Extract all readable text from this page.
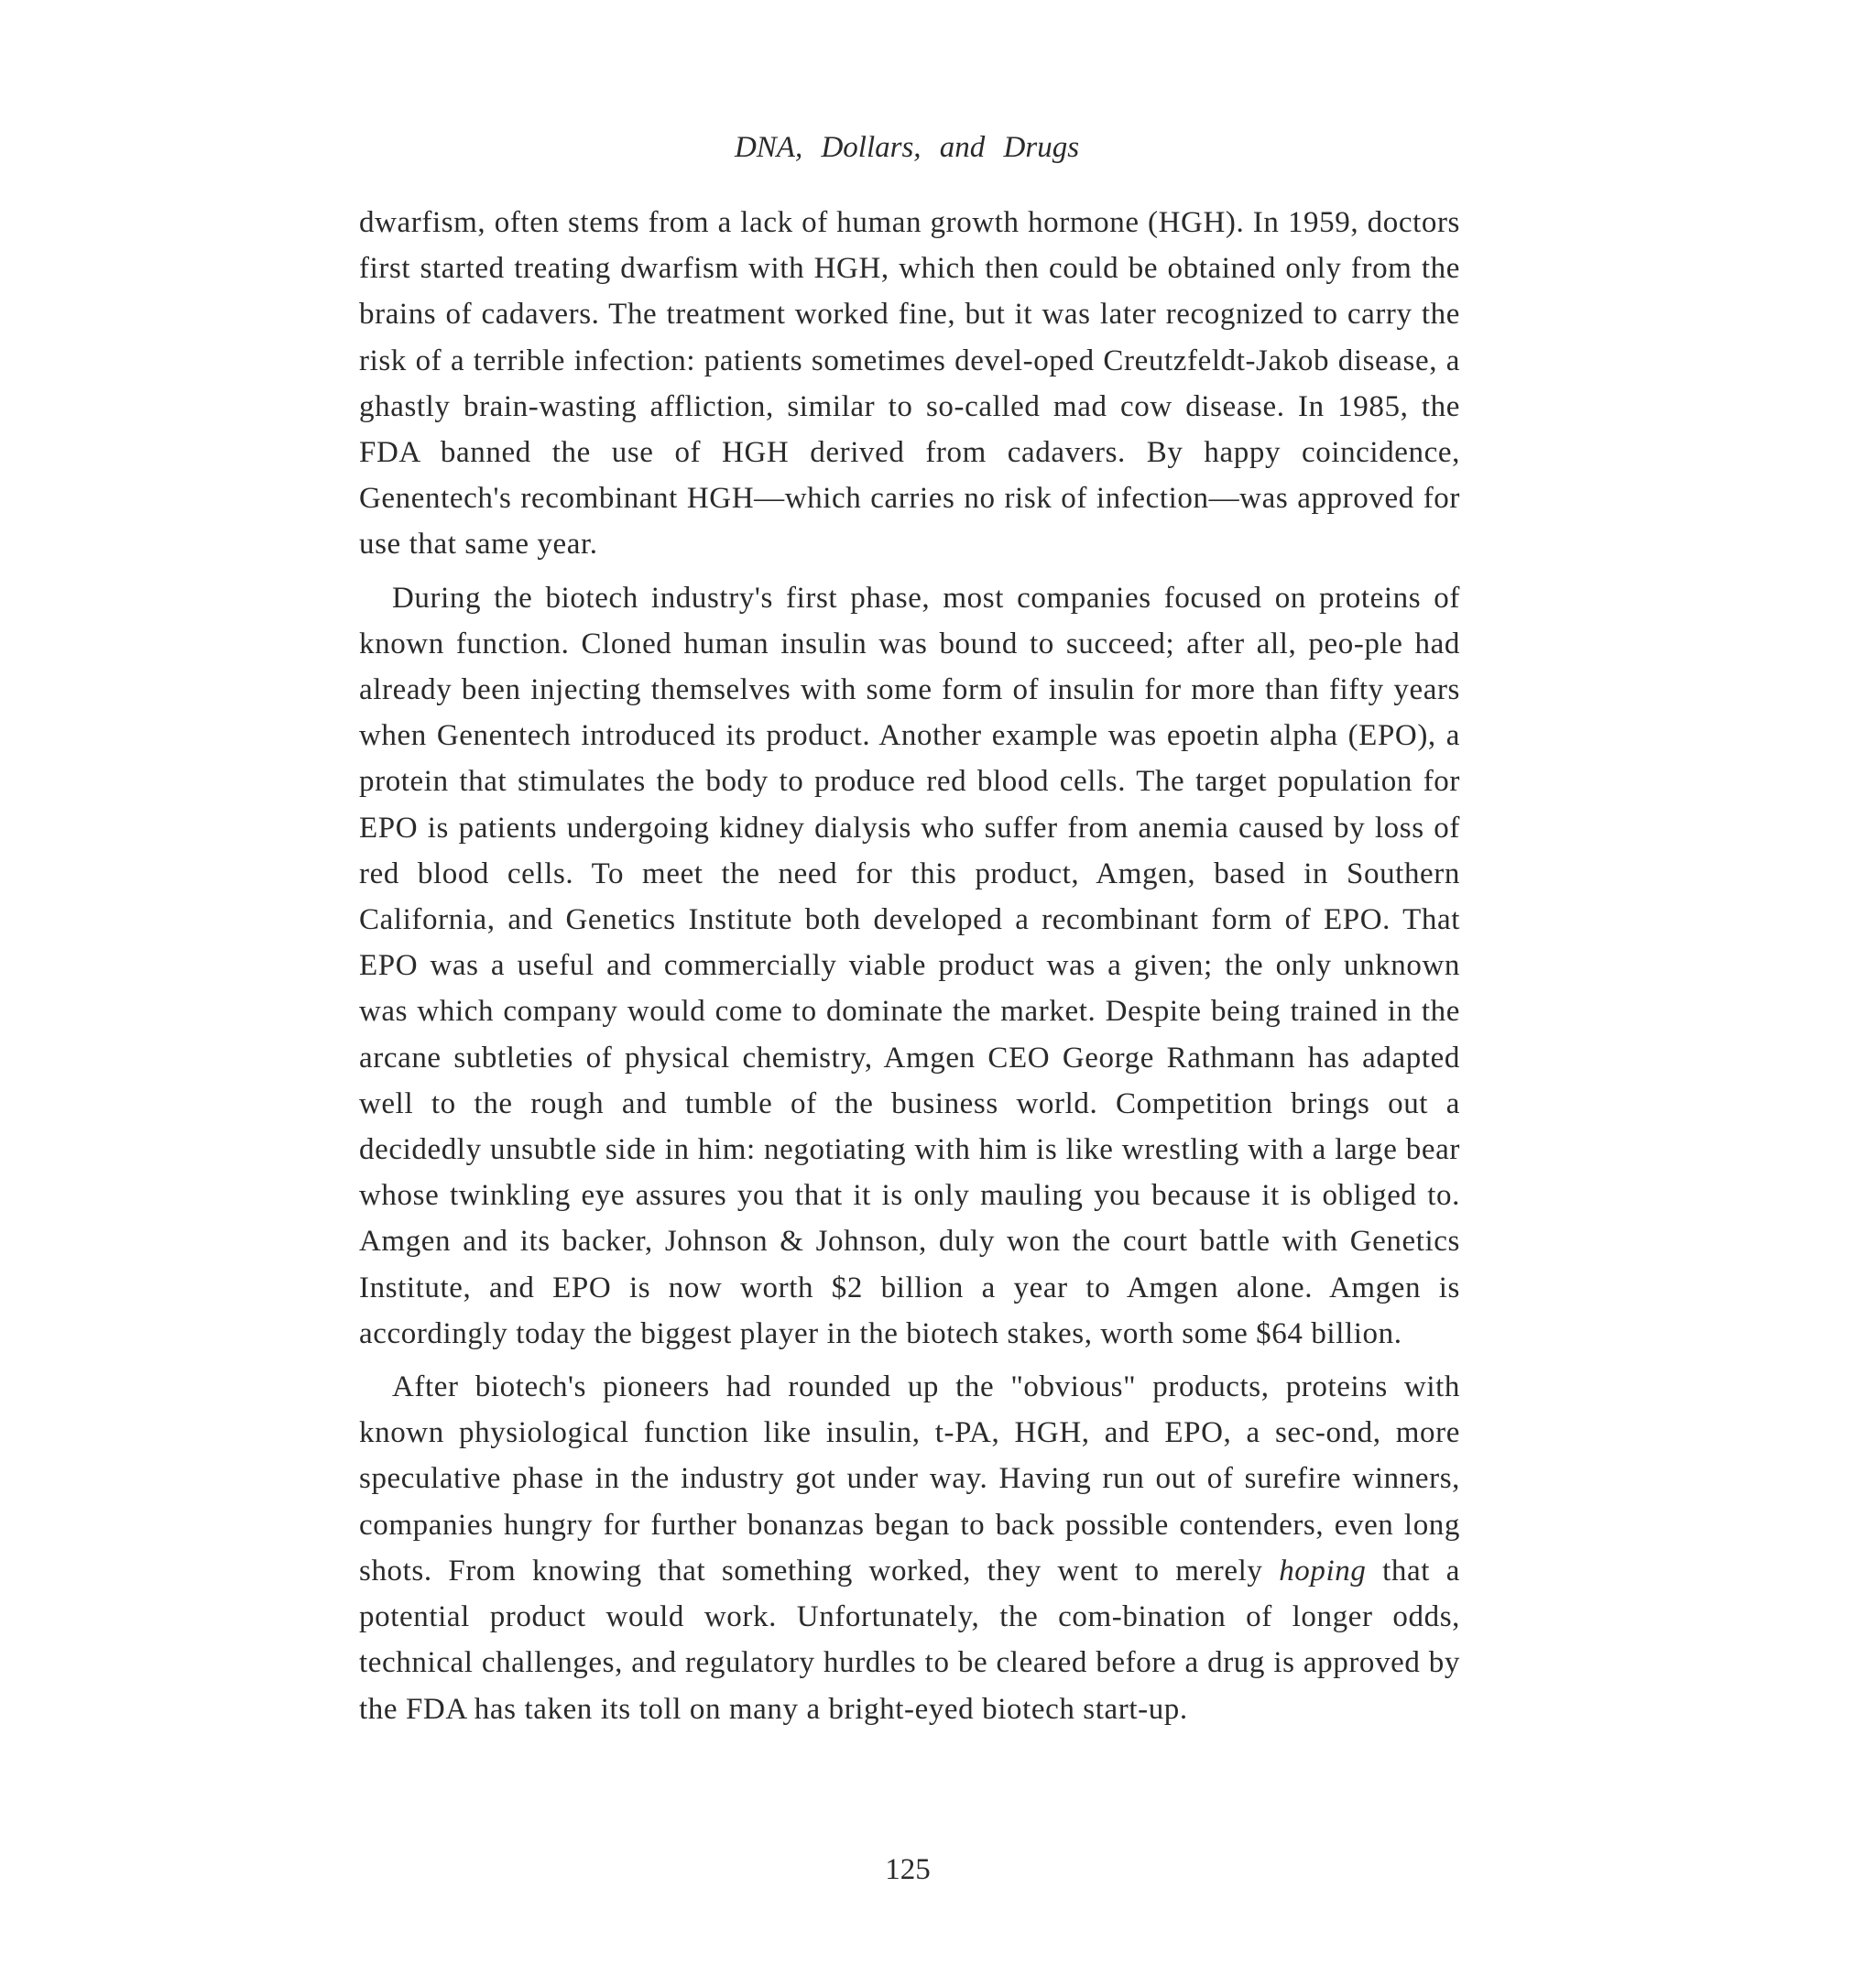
DNA, Dollars, and Drugs

dwarfism, often stems from a lack of human growth hormone (HGH). In 1959, doctors first started treating dwarfism with HGH, which then could be obtained only from the brains of cadavers. The treatment worked fine, but it was later recognized to carry the risk of a terrible infection: patients sometimes devel-oped Creutzfeldt-Jakob disease, a ghastly brain-wasting affliction, similar to so-called mad cow disease. In 1985, the FDA banned the use of HGH derived from cadavers. By happy coincidence, Genentech's recombinant HGH—which carries no risk of infection—was approved for use that same year.

During the biotech industry's first phase, most companies focused on proteins of known function. Cloned human insulin was bound to succeed; after all, peo-ple had already been injecting themselves with some form of insulin for more than fifty years when Genentech introduced its product. Another example was epoetin alpha (EPO), a protein that stimulates the body to produce red blood cells. The target population for EPO is patients undergoing kidney dialysis who suffer from anemia caused by loss of red blood cells. To meet the need for this product, Amgen, based in Southern California, and Genetics Institute both developed a recombinant form of EPO. That EPO was a useful and commercially viable product was a given; the only unknown was which company would come to dominate the market. Despite being trained in the arcane subtleties of physical chemistry, Amgen CEO George Rathmann has adapted well to the rough and tumble of the business world. Competition brings out a decidedly unsubtle side in him: negotiating with him is like wrestling with a large bear whose twinkling eye assures you that it is only mauling you because it is obliged to. Amgen and its backer, Johnson & Johnson, duly won the court battle with Genetics Institute, and EPO is now worth $2 billion a year to Amgen alone. Amgen is accordingly today the biggest player in the biotech stakes, worth some $64 billion.

After biotech's pioneers had rounded up the "obvious" products, proteins with known physiological function like insulin, t-PA, HGH, and EPO, a sec-ond, more speculative phase in the industry got under way. Having run out of surefire winners, companies hungry for further bonanzas began to back possible contenders, even long shots. From knowing that something worked, they went to merely hoping that a potential product would work. Unfortunately, the com-bination of longer odds, technical challenges, and regulatory hurdles to be cleared before a drug is approved by the FDA has taken its toll on many a bright-eyed biotech start-up.

125
